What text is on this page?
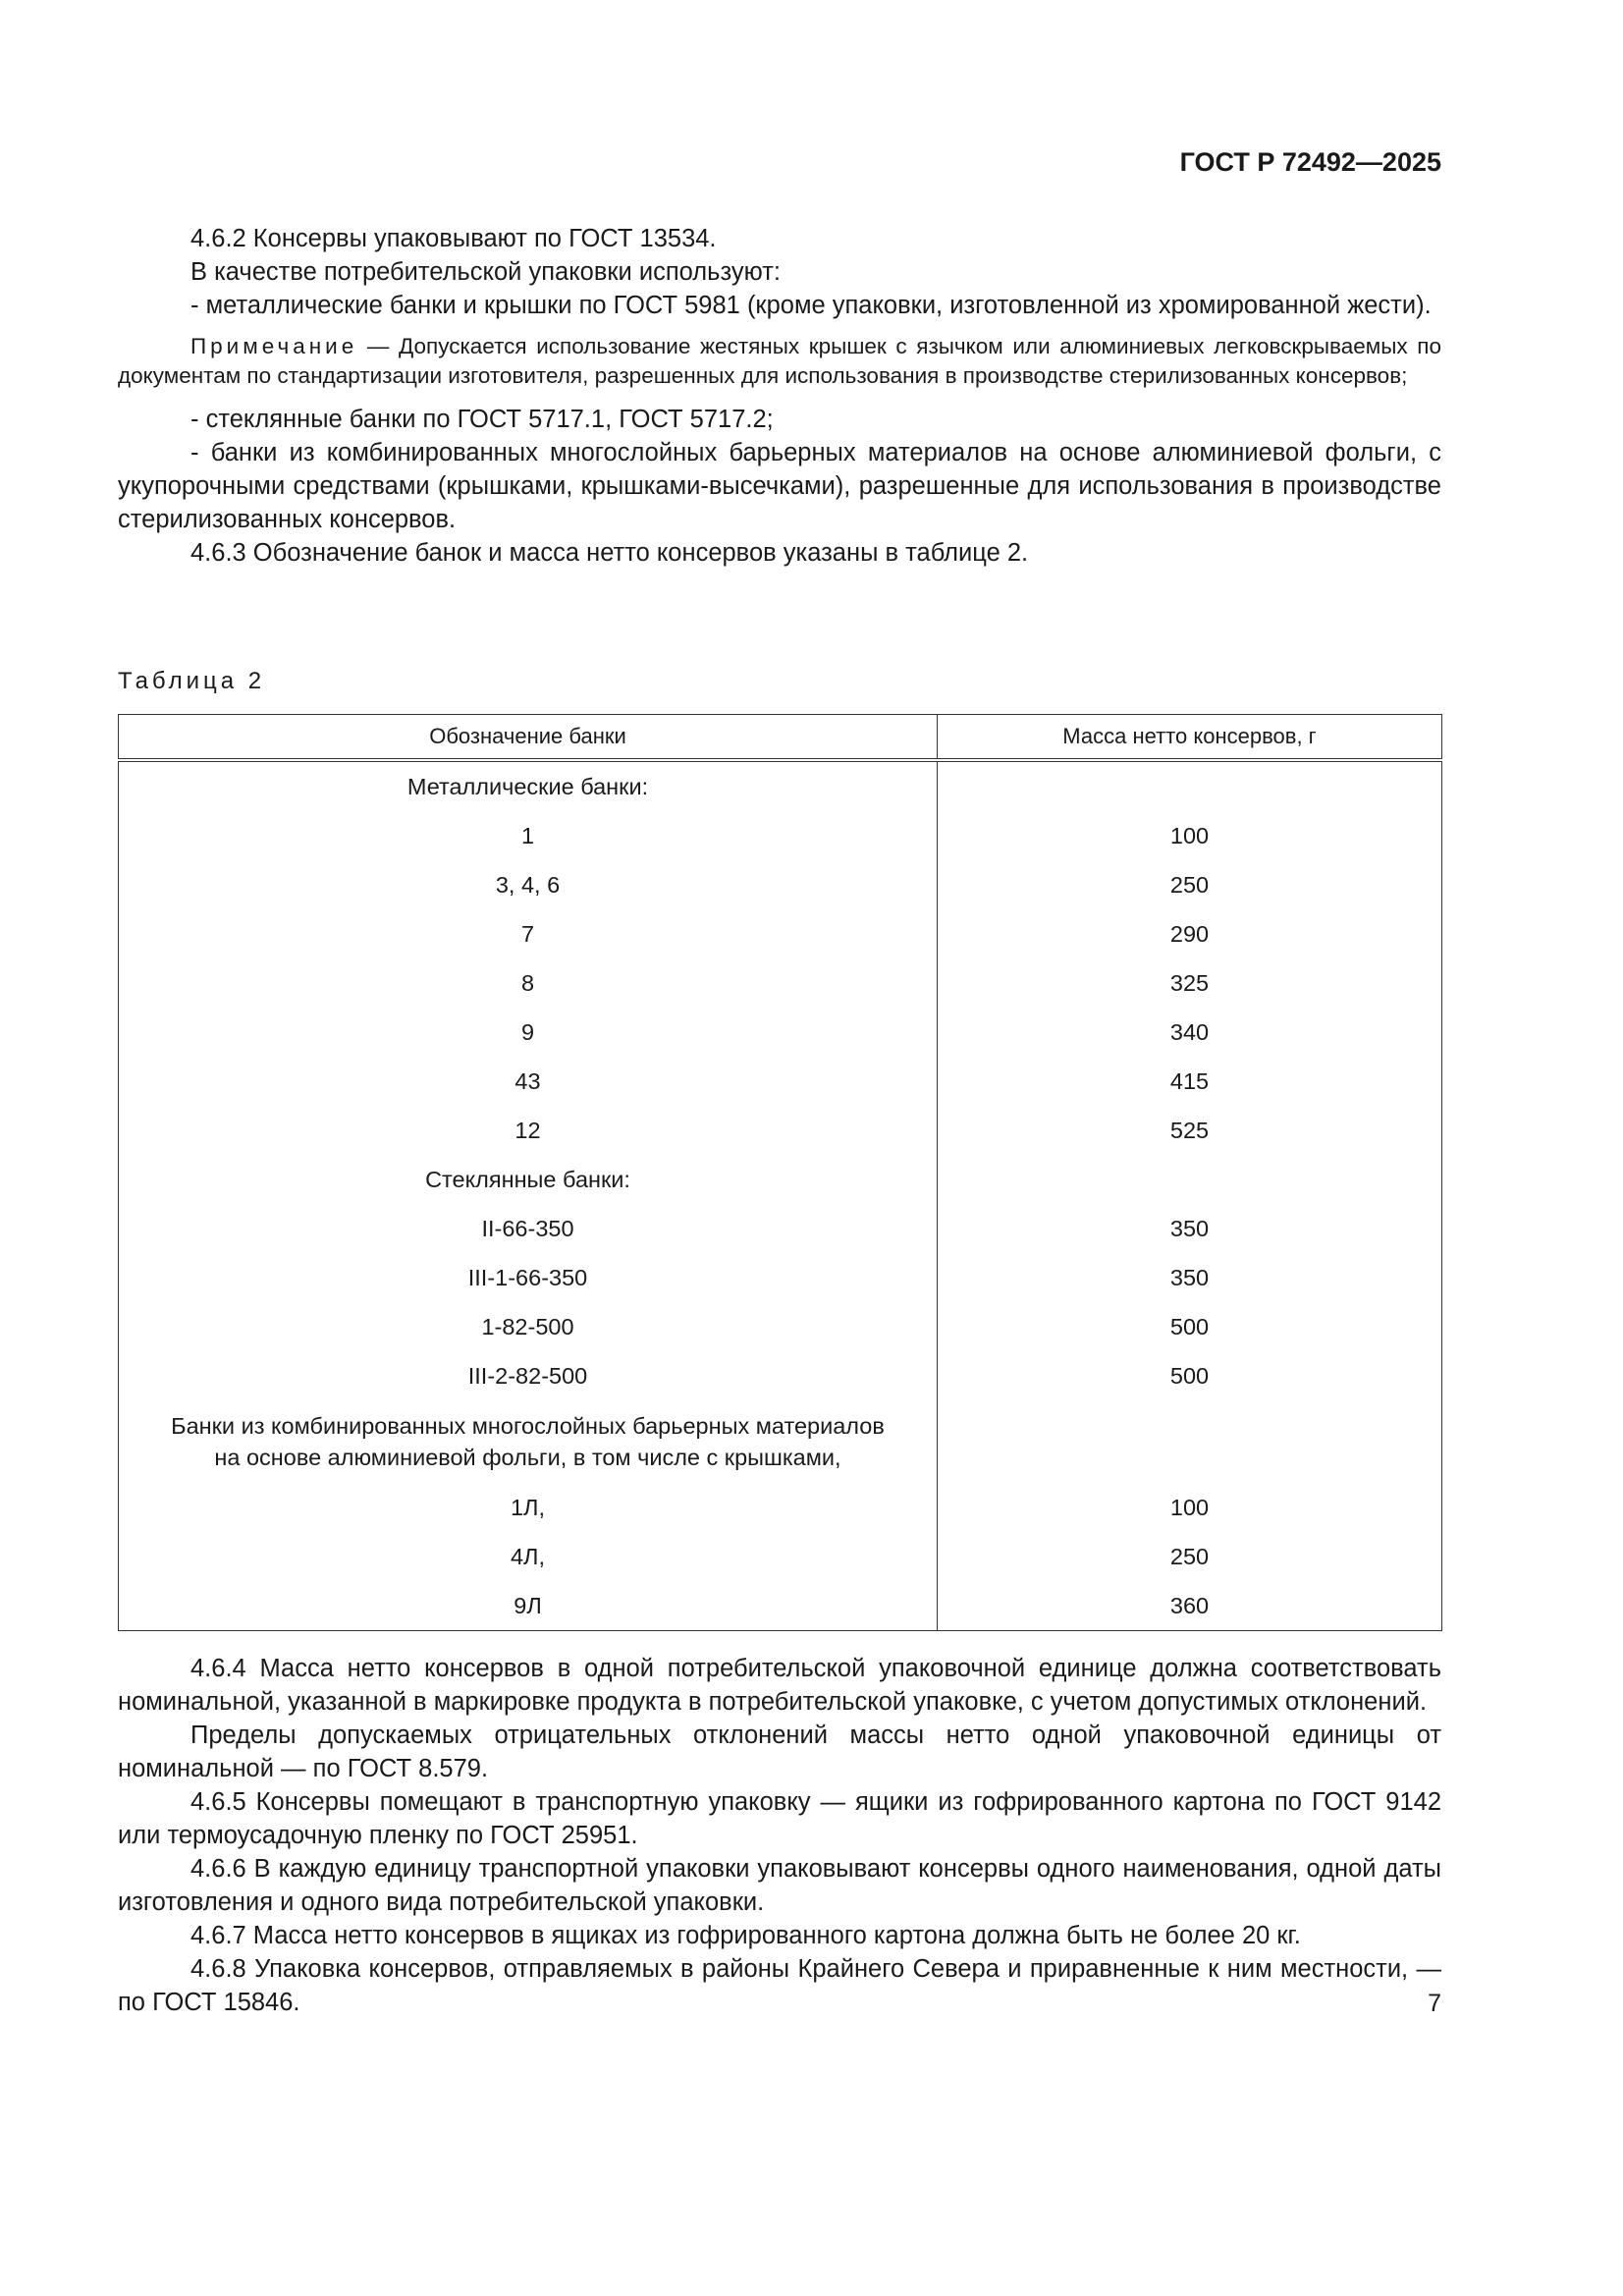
ГОСТ Р 72492—2025

4.6.2 Консервы упаковывают по ГОСТ 13534.

В качестве потребительской упаковки используют:

- металлические банки и крышки по ГОСТ 5981 (кроме упаковки, изготовленной из хромированной жести).

Примечание — Допускается использование жестяных крышек с язычком или алюминиевых легковскрываемых по документам по стандартизации изготовителя, разрешенных для использования в производстве стерилизованных консервов;

- стеклянные банки по ГОСТ 5717.1, ГОСТ 5717.2;

- банки из комбинированных многослойных барьерных материалов на основе алюминиевой фольги, с укупорочными средствами (крышками, крышками-высечками), разрешенные для использования в производстве стерилизованных консервов.

4.6.3 Обозначение банок и масса нетто консервов указаны в таблице 2.

Таблица 2
Обозначение банки	Масса нетто консервов, г
Металлические банки:	
1	100
3, 4, 6	250
7	290
8	325
9	340
43	415
12	525
Стеклянные банки:	
II-66-350	350
III-1-66-350	350
1-82-500	500
III-2-82-500	500
Банки из комбинированных многослойных барьерных материалов на основе алюминиевой фольги, в том числе с крышками,	
1Л,	100
4Л,	250
9Л	360

4.6.4 Масса нетто консервов в одной потребительской упаковочной единице должна соответствовать номинальной, указанной в маркировке продукта в потребительской упаковке, с учетом допустимых отклонений.

Пределы допускаемых отрицательных отклонений массы нетто одной упаковочной единицы от номинальной — по ГОСТ 8.579.

4.6.5 Консервы помещают в транспортную упаковку — ящики из гофрированного картона по ГОСТ 9142 или термоусадочную пленку по ГОСТ 25951.

4.6.6 В каждую единицу транспортной упаковки упаковывают консервы одного наименования, одной даты изготовления и одного вида потребительской упаковки.

4.6.7 Масса нетто консервов в ящиках из гофрированного картона должна быть не более 20 кг.

4.6.8 Упаковка консервов, отправляемых в районы Крайнего Севера и приравненные к ним местности, — по ГОСТ 15846.	7
